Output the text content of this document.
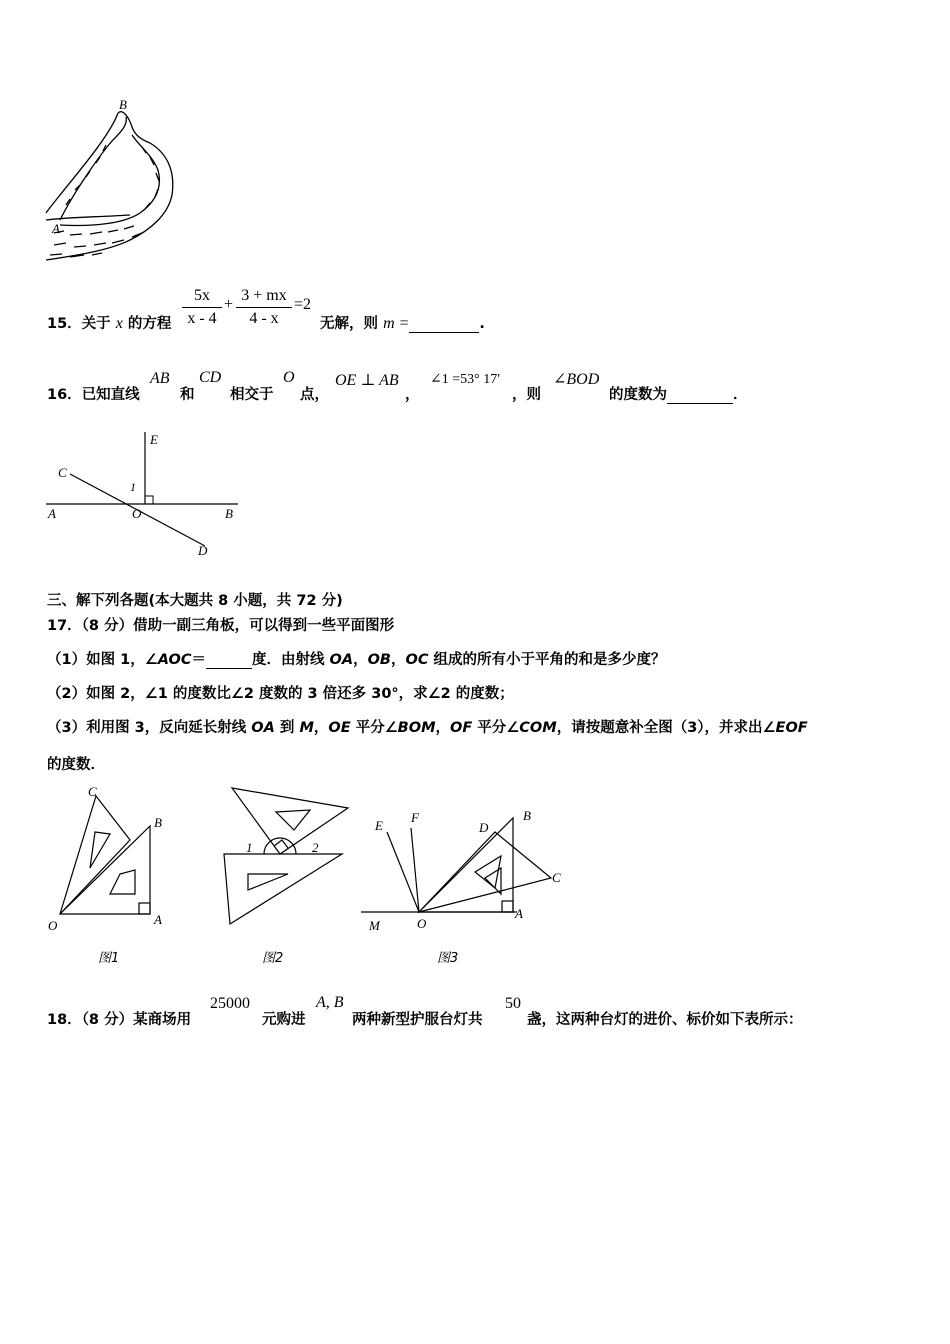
B
A
15．关于 x 的方程 $\frac{5x}{x - 4} + \frac{3 + mx}{4 - x} =2$
无解，则 m =	.
16．已知直线
AB
和
CD
相交于
O
点，
OE ⊥ AB
，
∠1 =53° 17′
，则
∠BOD
的度数为	．
E
C
1
A	O	B
D
三、解下列各题(本大题共 8 小题，共 72 分)
17．（8 分）借助一副三角板，可以得到一些平面图形
（1）如图 1，∠AOC＝	度．由射线 OA，OB，OC 组成的所有小于平角的和是多少度？
（2）如图 2，∠1 的度数比∠2 度数的 3 倍还多 30°，求∠2 的度数；
（3）利用图 3，反向延长射线 OA 到 M，OE 平分∠BOM，OF 平分∠COM，请按题意补全图（3），并求出∠EOF
的度数．
C
B
O	A
图1
1	2
图2
E
F
D
B
C
M	O
A
图3
18．（8 分）某商场用
25000
元购进
A, B
两种新型护服台灯共
50
盏，这两种台灯的进价、标价如下表所示：
